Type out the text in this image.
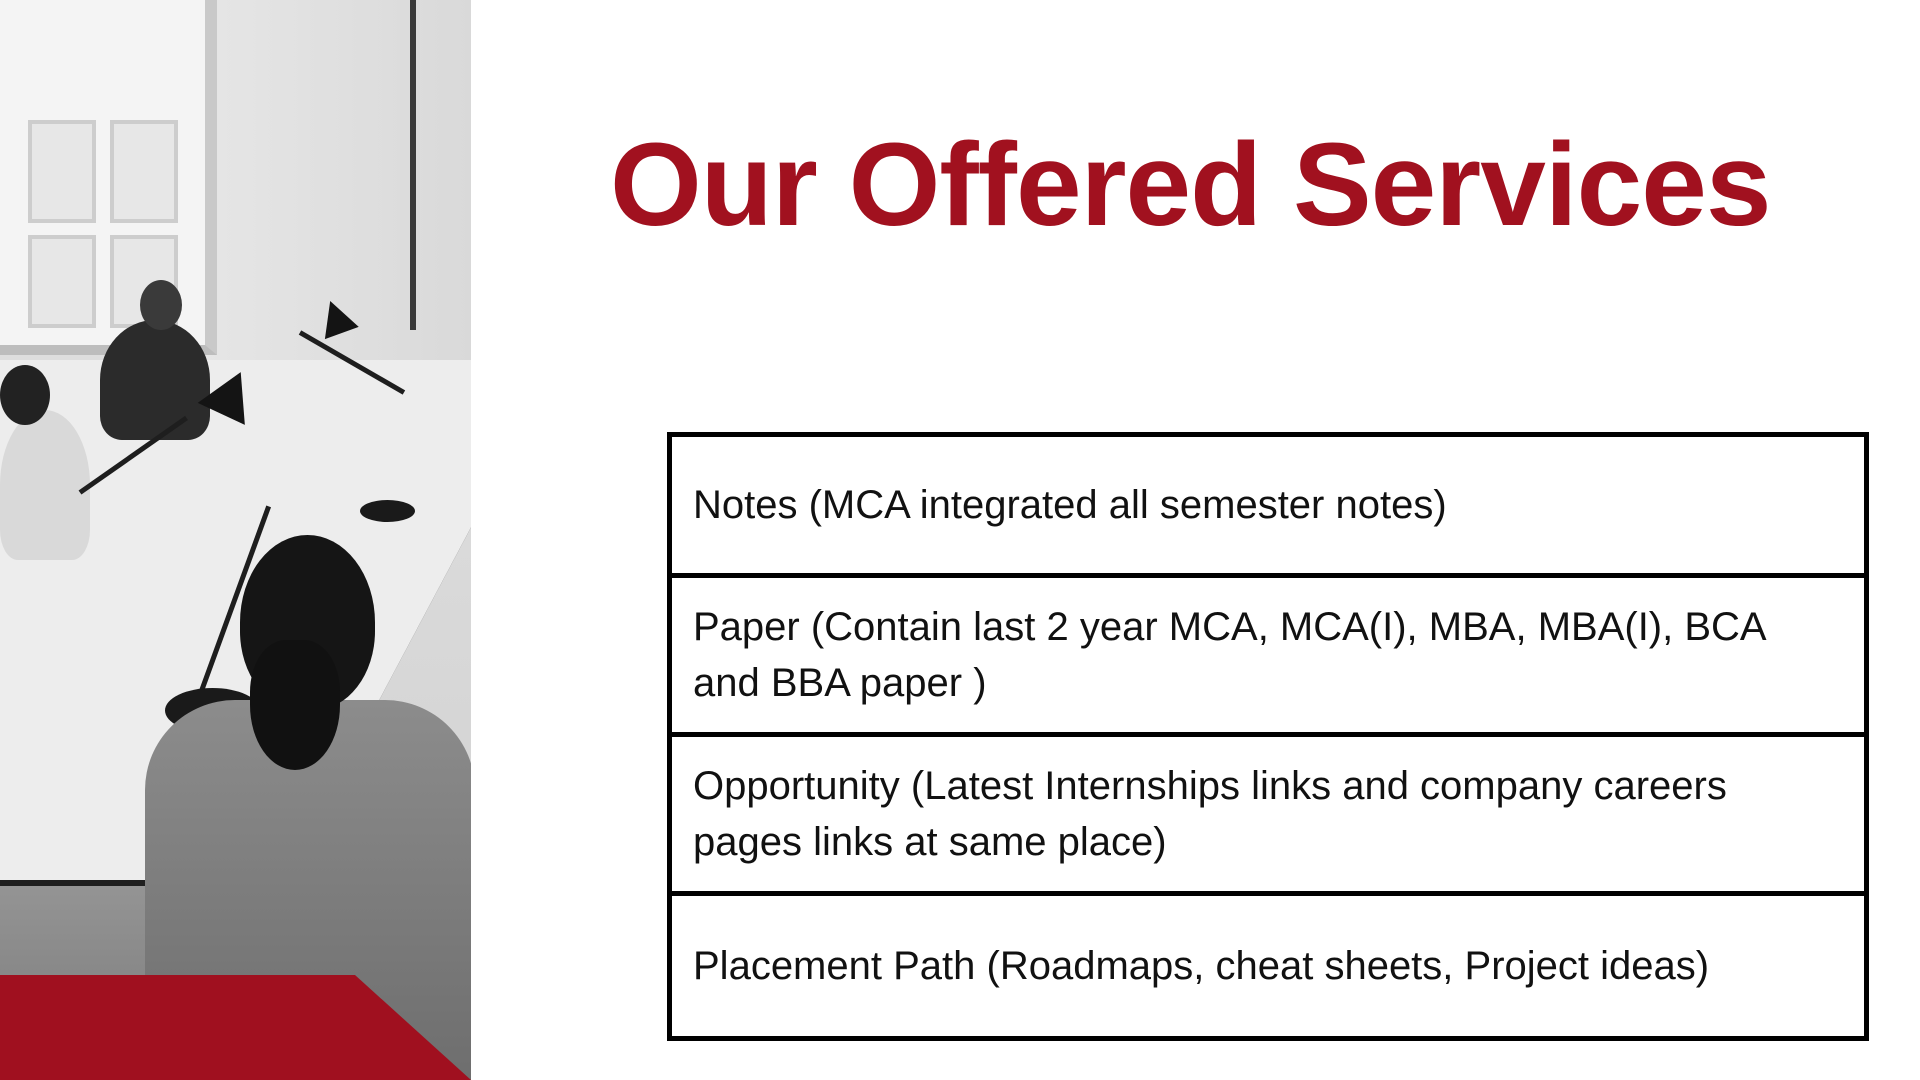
Our Offered Services
Notes (MCA integrated all semester notes)
Paper (Contain last 2 year MCA, MCA(I), MBA, MBA(I), BCA and BBA paper )
Opportunity (Latest Internships links and company careers pages links at same place)
Placement Path (Roadmaps, cheat sheets, Project ideas)
